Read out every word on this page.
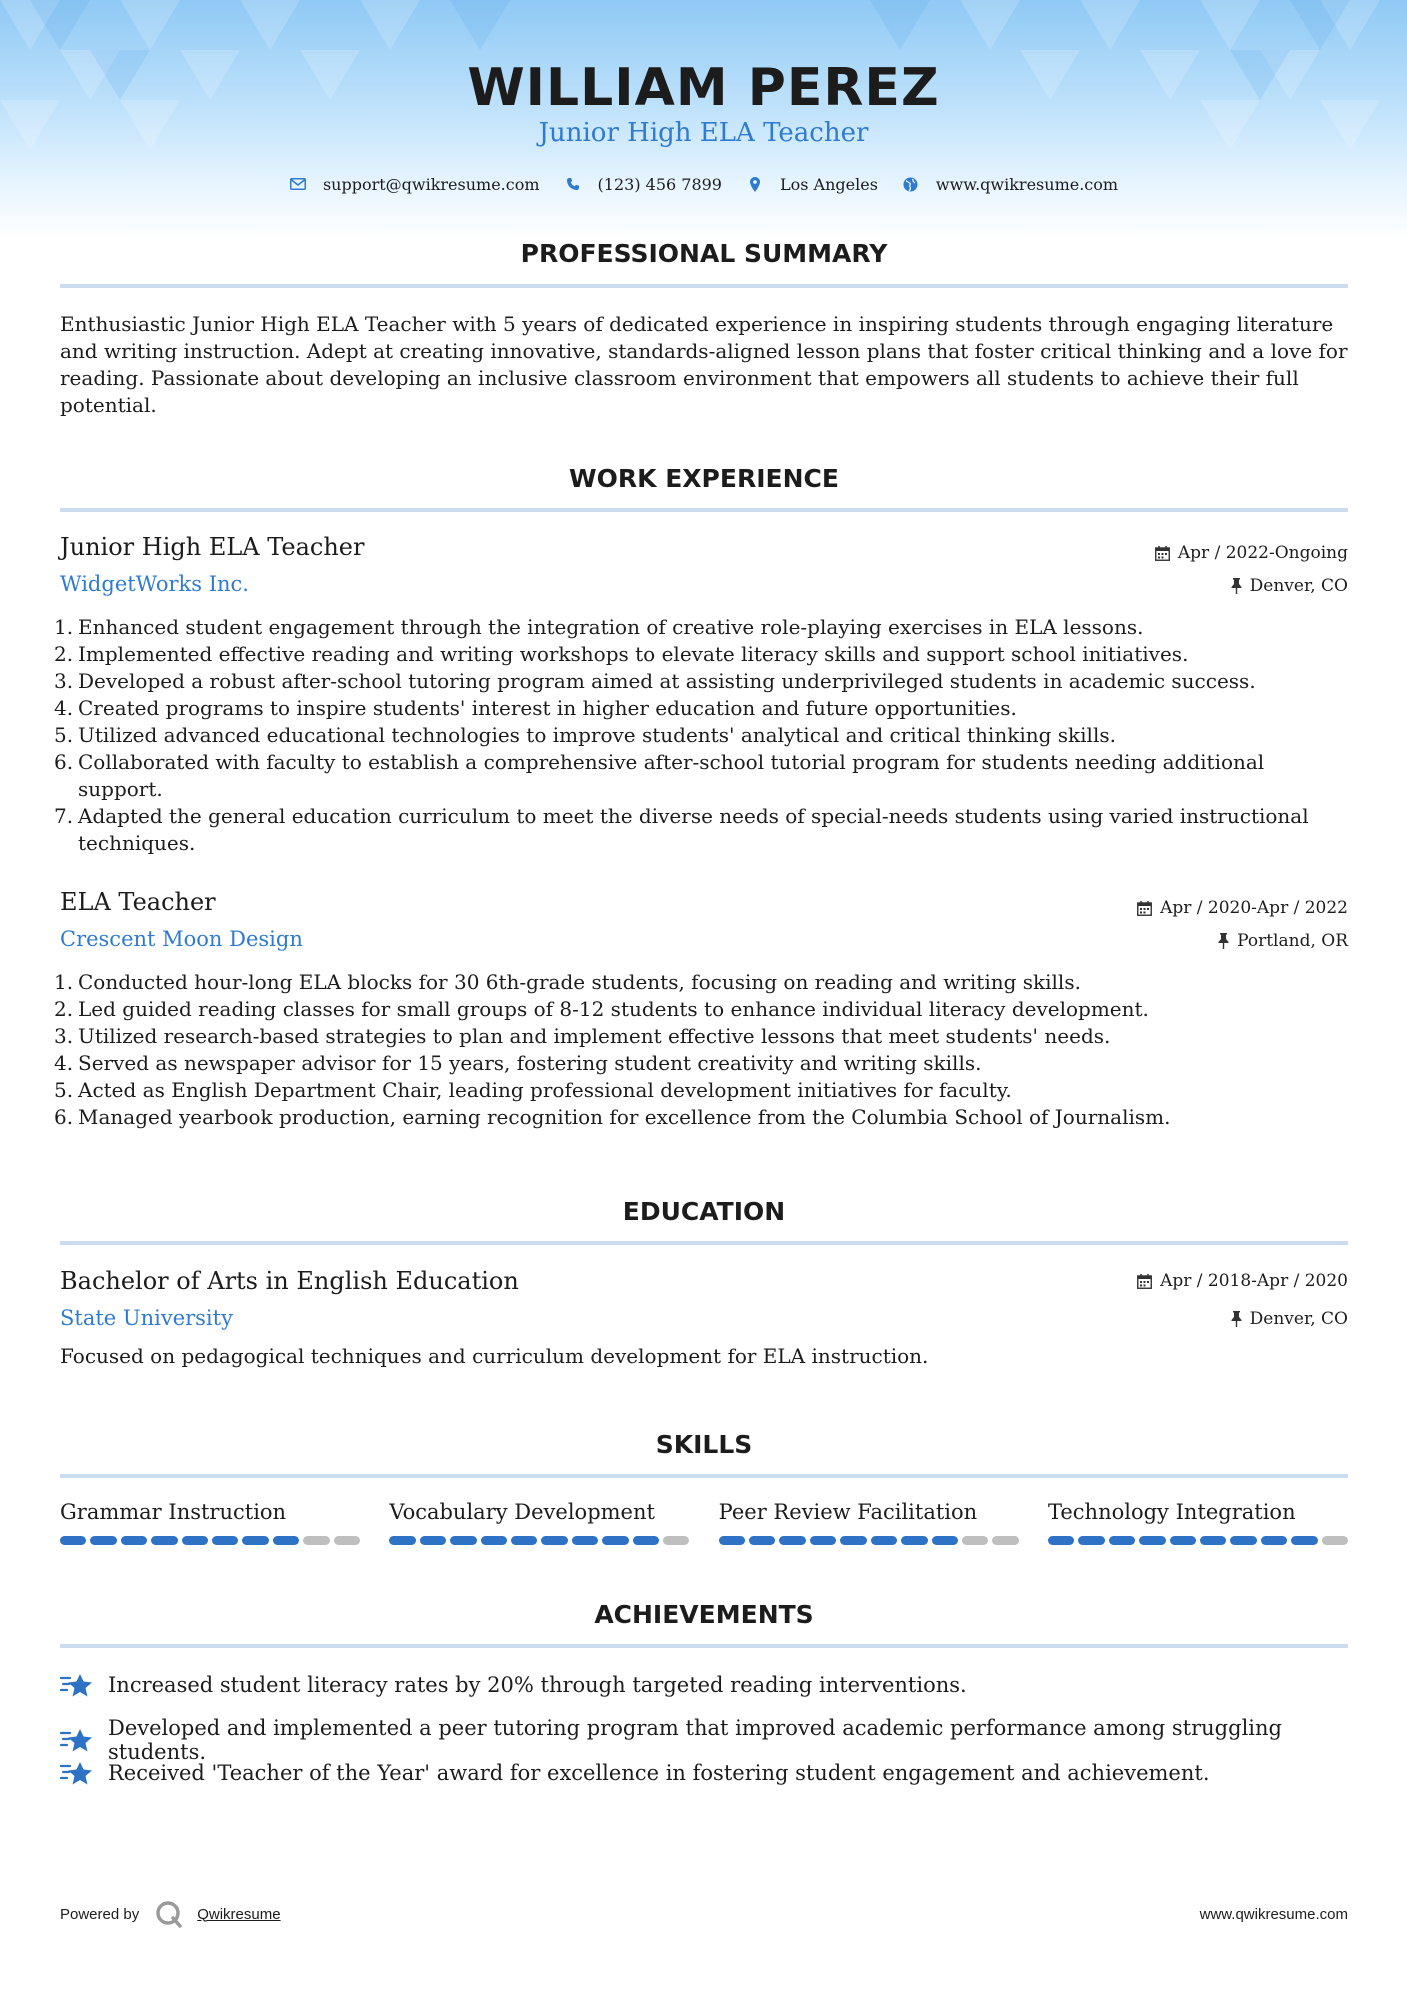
WILLIAM PEREZ
Junior High ELA Teacher
support@qwikresume.com	(123) 456 7899	Los Angeles	www.qwikresume.com
PROFESSIONAL SUMMARY
Enthusiastic Junior High ELA Teacher with 5 years of dedicated experience in inspiring students through engaging literature
and writing instruction. Adept at creating innovative, standards-aligned lesson plans that foster critical thinking and a love for
reading. Passionate about developing an inclusive classroom environment that empowers all students to achieve their full
potential.
WORK EXPERIENCE
Junior High ELA Teacher
WidgetWorks Inc.
Apr / 2022-Ongoing
Denver, CO
1. Enhanced student engagement through the integration of creative role-playing exercises in ELA lessons.
2. Implemented effective reading and writing workshops to elevate literacy skills and support school initiatives.
3. Developed a robust after-school tutoring program aimed at assisting underprivileged students in academic success.
4. Created programs to inspire students' interest in higher education and future opportunities.
5. Utilized advanced educational technologies to improve students' analytical and critical thinking skills.
6. Collaborated with faculty to establish a comprehensive after-school tutorial program for students needing additional
support.
7. Adapted the general education curriculum to meet the diverse needs of special-needs students using varied instructional
techniques.
ELA Teacher
Crescent Moon Design
Apr / 2020-Apr / 2022
Portland, OR
1. Conducted hour-long ELA blocks for 30 6th-grade students, focusing on reading and writing skills.
2. Led guided reading classes for small groups of 8-12 students to enhance individual literacy development.
3. Utilized research-based strategies to plan and implement effective lessons that meet students' needs.
4. Served as newspaper advisor for 15 years, fostering student creativity and writing skills.
5. Acted as English Department Chair, leading professional development initiatives for faculty.
6. Managed yearbook production, earning recognition for excellence from the Columbia School of Journalism.
EDUCATION
Bachelor of Arts in English Education
State University
Apr / 2018-Apr / 2020
Denver, CO
Focused on pedagogical techniques and curriculum development for ELA instruction.
SKILLS
Grammar Instruction	Vocabulary Development	Peer Review Facilitation	Technology Integration
ACHIEVEMENTS
Increased student literacy rates by 20% through targeted reading interventions.
Developed and implemented a peer tutoring program that improved academic performance among struggling students.
Received 'Teacher of the Year' award for excellence in fostering student engagement and achievement.
Powered by	Qwikresume	www.qwikresume.com
